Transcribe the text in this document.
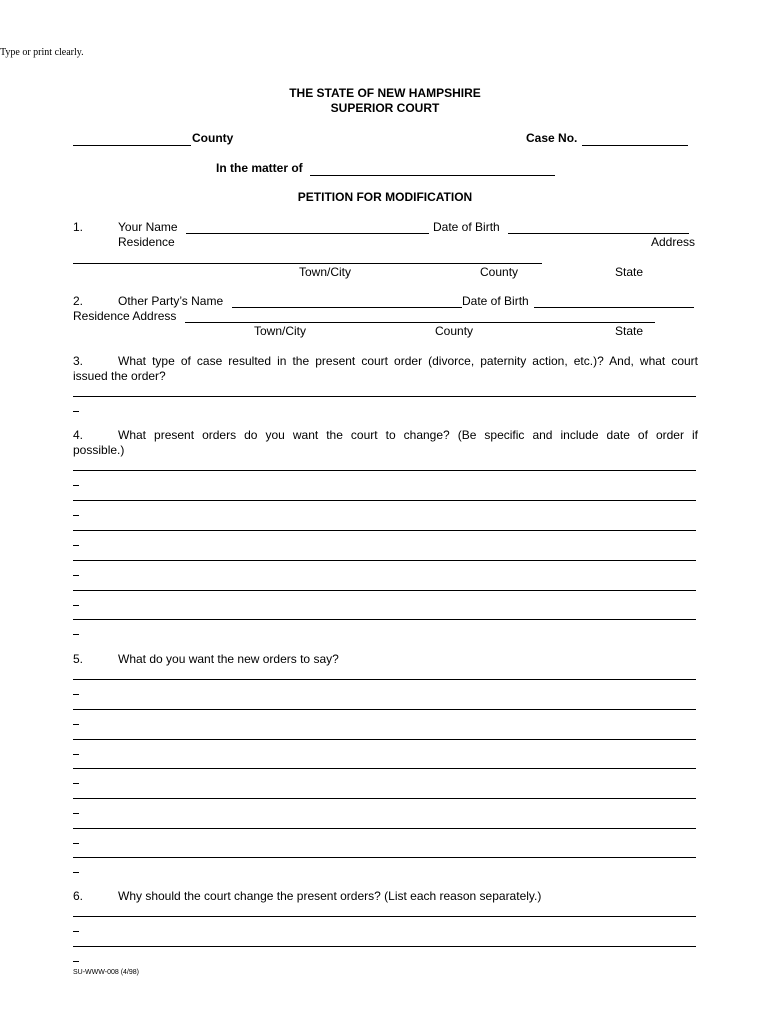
Type or print clearly.
THE STATE OF NEW HAMPSHIRE
SUPERIOR COURT
County	Case No.
In the matter of
PETITION FOR MODIFICATION
1.	Your Name	Date of Birth
Residence	Address
Town/City	County	State
2.	Other Party’s Name	Date of Birth
Residence Address
Town/City	County	State
3.	What type of case resulted in the present court order (divorce, paternity action, etc.)? And, what court
issued the order?
4.	What present orders do you want the court to change? (Be specific and include date of order if
possible.)
5.	What do you want the new orders to say?
6.	Why should the court change the present orders? (List each reason separately.)
SU-WWW-008 (4/98)
